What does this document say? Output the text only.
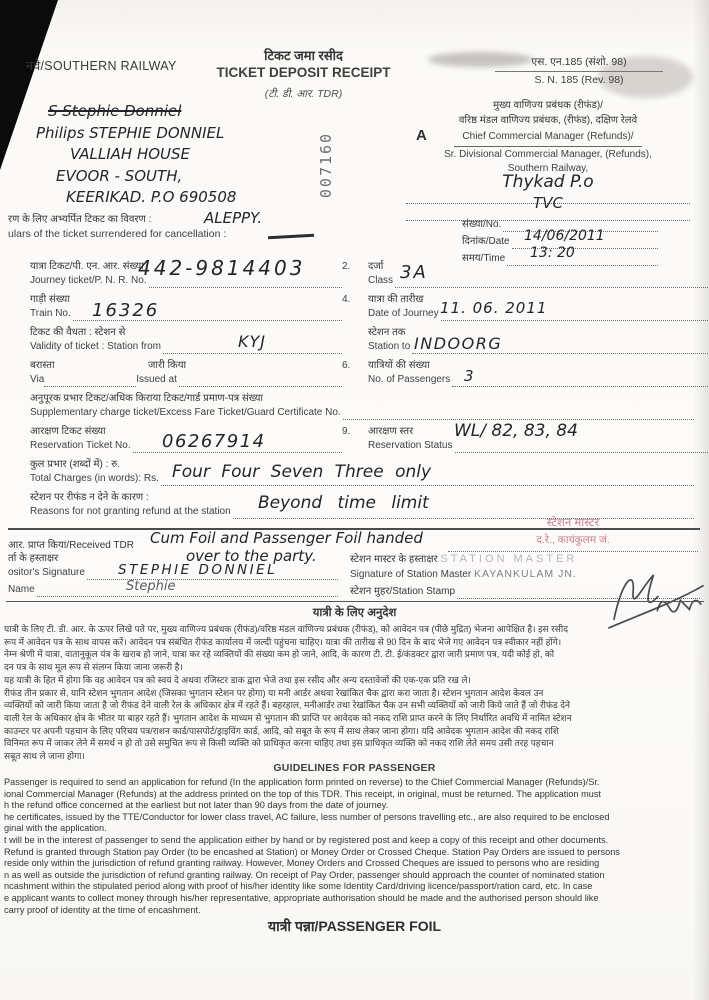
नवे/SOUTHERN RAILWAY
टिकट जमा रसीद
TICKET DEPOSIT RECEIPT
(टी. डी. आर. TDR)
एस. एन.185 (संशो. 98)
S. N. 185 (Rev. 98)
S Stephie Donniel
Philips STEPHIE DONNIEL
VALLIAH HOUSE
EVOOR - SOUTH,
KEERIKAD. P.O 690508
ALEPPY.
007160	A
मुख्य वाणिज्य प्रबंधक (रीफंड)/
वरिष्ठ मंडल वाणिज्य प्रबंधक, (रीफंड), दक्षिण रेलवे
Chief Commercial Manager (Refunds)/
Sr. Divisional Commercial Manager, (Refunds),
Southern Railway,
Thykad P.o
TVC
संख्या/No.
दिनांक/Date 14/06/2011
समय/Time 13: 20
रण के लिए अभ्यर्पित टिकट का विवरण :
ulars of the ticket surrendered for cancellation :
यात्रा टिकट/पी. एन. आर. संख्या
Journey ticket/P. N. R. No.
442-9814403
गाड़ी संख्या
Train No. 16326
टिकट की वैधता : स्टेशन से
Validity of ticket : Station from	KYJ
बरास्ता	जारी किया
Via	Issued at
अनुपूरक प्रभार टिकट/अधिक किराया टिकट/गार्ड प्रमाण-पत्र संख्या
Supplementary charge ticket/Excess Fare Ticket/Guard Certificate No.
आरक्षण टिकट संख्या
Reservation Ticket No. 06267914
कुल प्रभार (शब्दों में) : रु.
Total Charges (in words): Rs. Four Four Seven Three only
स्टेशन पर रीफंड न देने के कारण :
Reasons for not granting refund at the station Beyond time limit
2. दर्जा
Class 3A
4. यात्रा की तारीख
Date of Journey 11. 06. 2011
स्टेशन तक
Station to INDOORG
6. यात्रियों की संख्या
No. of Passengers 3
9. आरक्षण स्तर
Reservation Status
WL/ 82, 83, 84
आर. प्राप्त किया/Received TDR Cum Foil and Passenger Foil handed
over to the party.
स्टेशन मास्टर
द.रे., कायंकुलम जं.
र्ता के हस्ताक्षर
ositor's Signature STEPHIE DONNIEL
Name	Stephie
स्टेशन मास्टर के हस्ताक्षर STATION MASTER
Signature of Station Master KAYANKULAM JN.
स्टेशन मुहर/Station Stamp
यात्री के लिए अनुदेश
यात्री के लिए टी. डी. आर. के ऊपर लिखे पते पर, मुख्य वाणिज्य प्रबंधक (रीफंड)/वरिष्ठ मंडल वाणिज्य प्रबंधक (रीफंड), को आवेदन पत्र (पीछे मुद्रित) भेजना आपेक्षित है। इस रसीद
रूप में आवेदन पत्र के साथ वापस करें। आवेदन पत्र संबंधित रीफंड कार्यालय में जल्दी पहुंचना चाहिए। यात्रा की तारीख से 90 दिन के बाद भेजे गए आवेदन पत्र स्वीकार नहीं होंगे।
नेम्न श्रेणी में यात्रा, वातानुकूल यंत्र के खराब हो जाने, यात्रा कर रहे व्यक्तियों की संख्या कम हो जाने, आदि, के कारण टी. टी. ई/कंडक्टर द्वारा जारी प्रमाण पत्र, यदी कोई हो, को
दन पत्र के साथ मूल रूप से संलग्न किया जाना जरूरी है।
यह यात्री के हित में होगा कि वह आवेदन पत्र को स्वयं दे अथवा रजिस्टर डाक द्वारा भेजे तथा इस रसीद और अन्य दस्तावेजों की एक-एक प्रति रख ले।
रीफंड तीन प्रकार से, यानि स्टेशन भुगतान आदेश (जिसका भुगतान स्टेशन पर होगा) या मनी आर्डर अथवा रेखांकित चैक द्वारा करा जाता है। स्टेशन भुगतान आदेश केवल उन
व्यक्तियों को जारी किया जाता है जो रीफंड देने वाली रेल के अधिकार क्षेत्र में रहते हैं। बहरहाल, मनीआर्डर तथा रेखांकित चैक उन सभी व्यक्तियों को जारी किये जाते हैं जो रीफंड देने
वाली रेल के अधिकार क्षेत्र के भीतर या बाहर रहते हैं। भुगतान आदेश के माध्यम से भुगतान की प्राप्ति पर आवेदक को नकद राशि प्राप्त करने के लिए निर्धारित अवधि में नामित स्टेशन
काउन्टर पर अपनी पहचान के लिए परिचय पत्र/राशन कार्ड/पासपोर्ट/ड्राइविंग कार्ड, आदि, को सबूत के रूप में साथ लेकर जाना होगा। यदि आवेदक भुगतान आदेश की नकद राशि
विनिमत रूप में जाकर लेने में समर्थ न हो तो उसे समुचित रूप से किसी व्यक्ति को प्राधिकृत करना चाहिए तथा इस प्राधिकृत व्यक्ति को नकद राशि लेते समय उसी तरह पहचान
सबूत साथ ले जाना होगा।
GUIDELINES FOR PASSENGER
Passenger is required to send an application for refund (In the application form printed on reverse) to the Chief Commercial Manager (Refunds)/Sr.
ional Commercial Manager (Refunds) at the address printed on the top of this TDR. This receipt, in original, must be returned. The application must
h the refund office concerned at the earliest but not later than 90 days from the date of journey.
he certificates, issued by the TTE/Conductor for lower class travel, AC failure, less number of persons travelling etc., are also required to be enclosed
ginal with the application.
t will be in the interest of passenger to send the application either by hand or by registered post and keep a copy of this receipt and other documents.
Refund is granted through Station pay Order (to be encashed at Station) or Money Order or Crossed Cheque. Station Pay Orders are issued to persons
reside only within the jurisdiction of refund granting railway. However, Money Orders and Crossed Cheques are issued to persons who are residing
n as well as outside the jurisdiction of refund granting railway. On receipt of Pay Order, passenger should approach the counter of nominated station
ncashment within the stipulated period along with proof of his/her identity like some Identity Card/driving licence/passport/ration card, etc. In case
e applicant wants to collect money through his/her representative, appropriate authorisation should be made and the authorised person should like
carry proof of identity at the time of encashment.
यात्री पन्ना/PASSENGER FOIL
